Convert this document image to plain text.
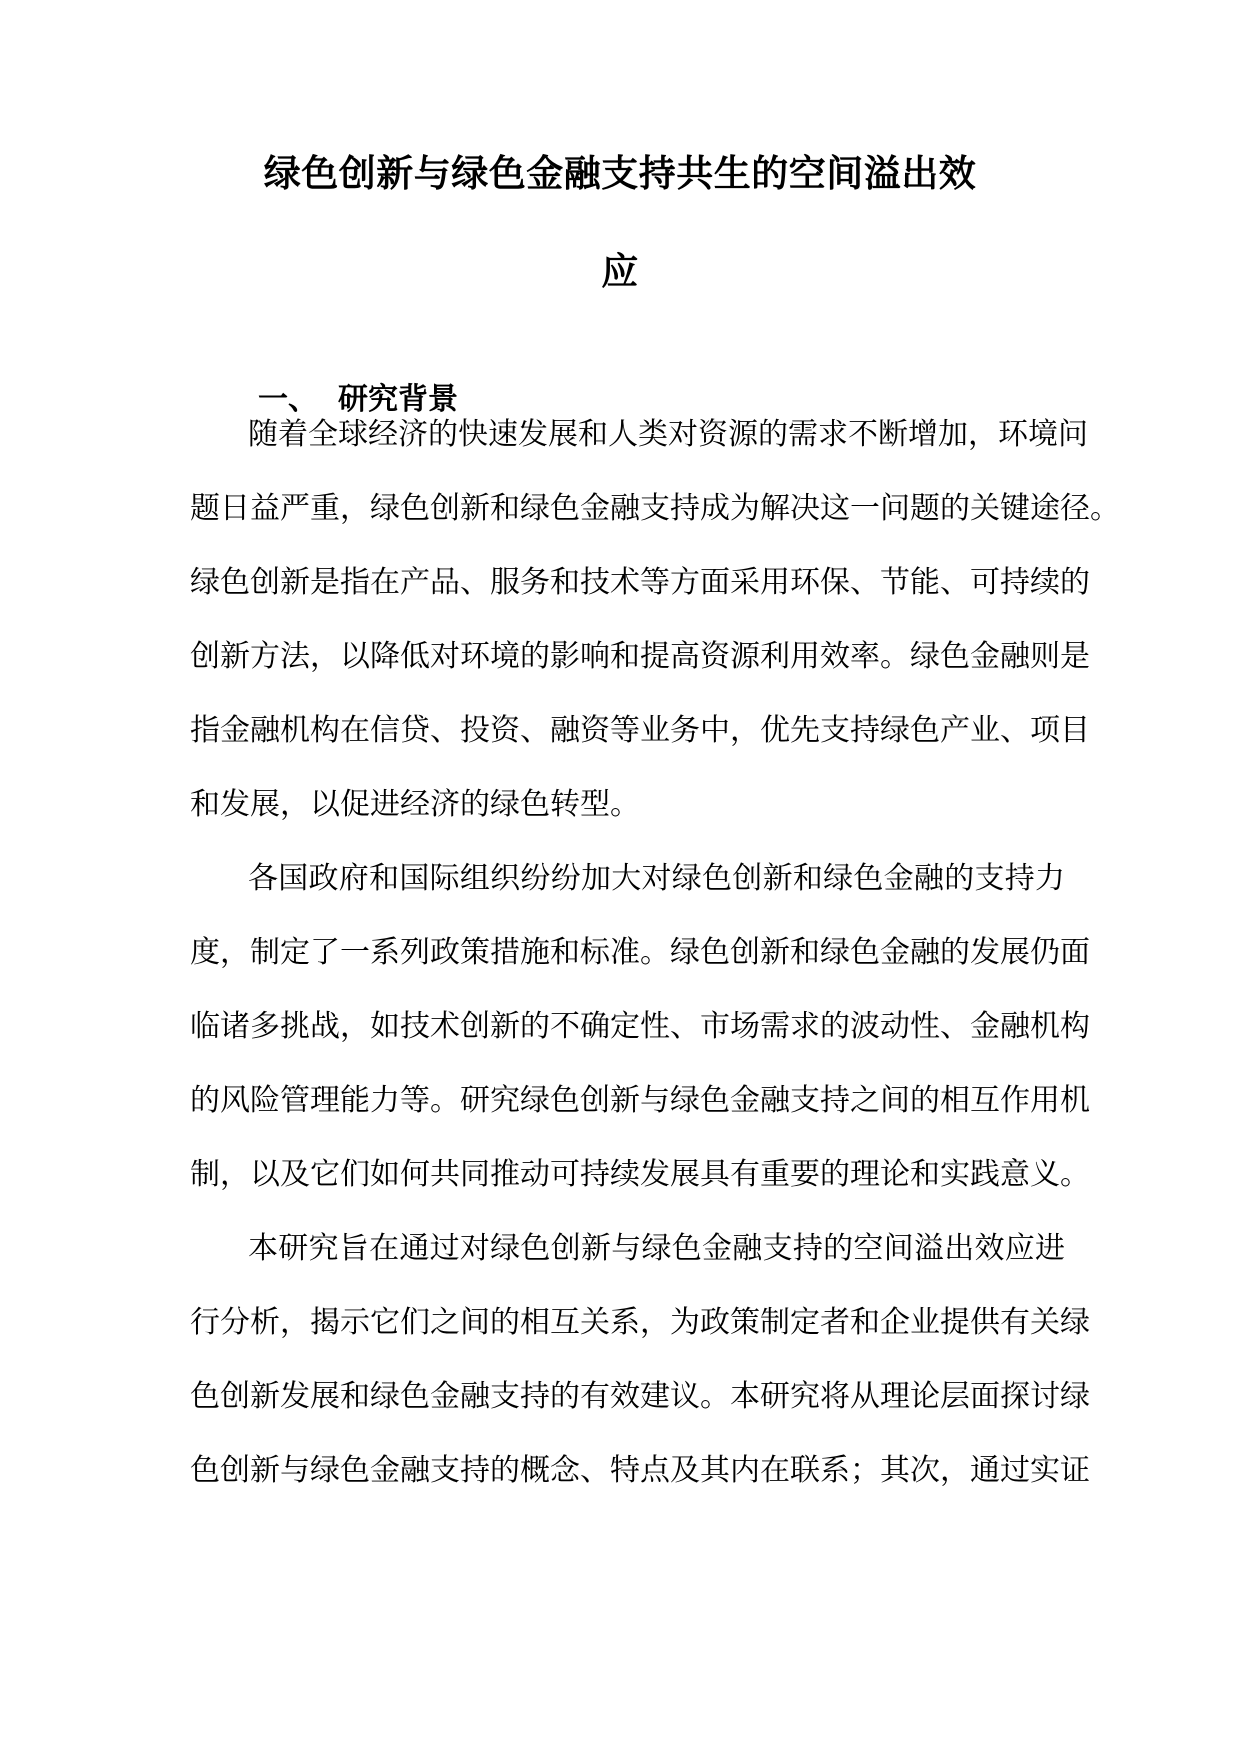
绿色创新与绿色金融支持共生的空间溢出效
应
一、 研究背景
随着全球经济的快速发展和人类对资源的需求不断增加，环境问
题日益严重，绿色创新和绿色金融支持成为解决这一问题的关键途径。
绿色创新是指在产品、服务和技术等方面采用环保、节能、可持续的
创新方法，以降低对环境的影响和提高资源利用效率。绿色金融则是
指金融机构在信贷、投资、融资等业务中，优先支持绿色产业、项目
和发展，以促进经济的绿色转型。
各国政府和国际组织纷纷加大对绿色创新和绿色金融的支持力
度，制定了一系列政策措施和标准。绿色创新和绿色金融的发展仍面
临诸多挑战，如技术创新的不确定性、市场需求的波动性、金融机构
的风险管理能力等。研究绿色创新与绿色金融支持之间的相互作用机
制，以及它们如何共同推动可持续发展具有重要的理论和实践意义。
本研究旨在通过对绿色创新与绿色金融支持的空间溢出效应进
行分析，揭示它们之间的相互关系，为政策制定者和企业提供有关绿
色创新发展和绿色金融支持的有效建议。本研究将从理论层面探讨绿
色创新与绿色金融支持的概念、特点及其内在联系；其次，通过实证
